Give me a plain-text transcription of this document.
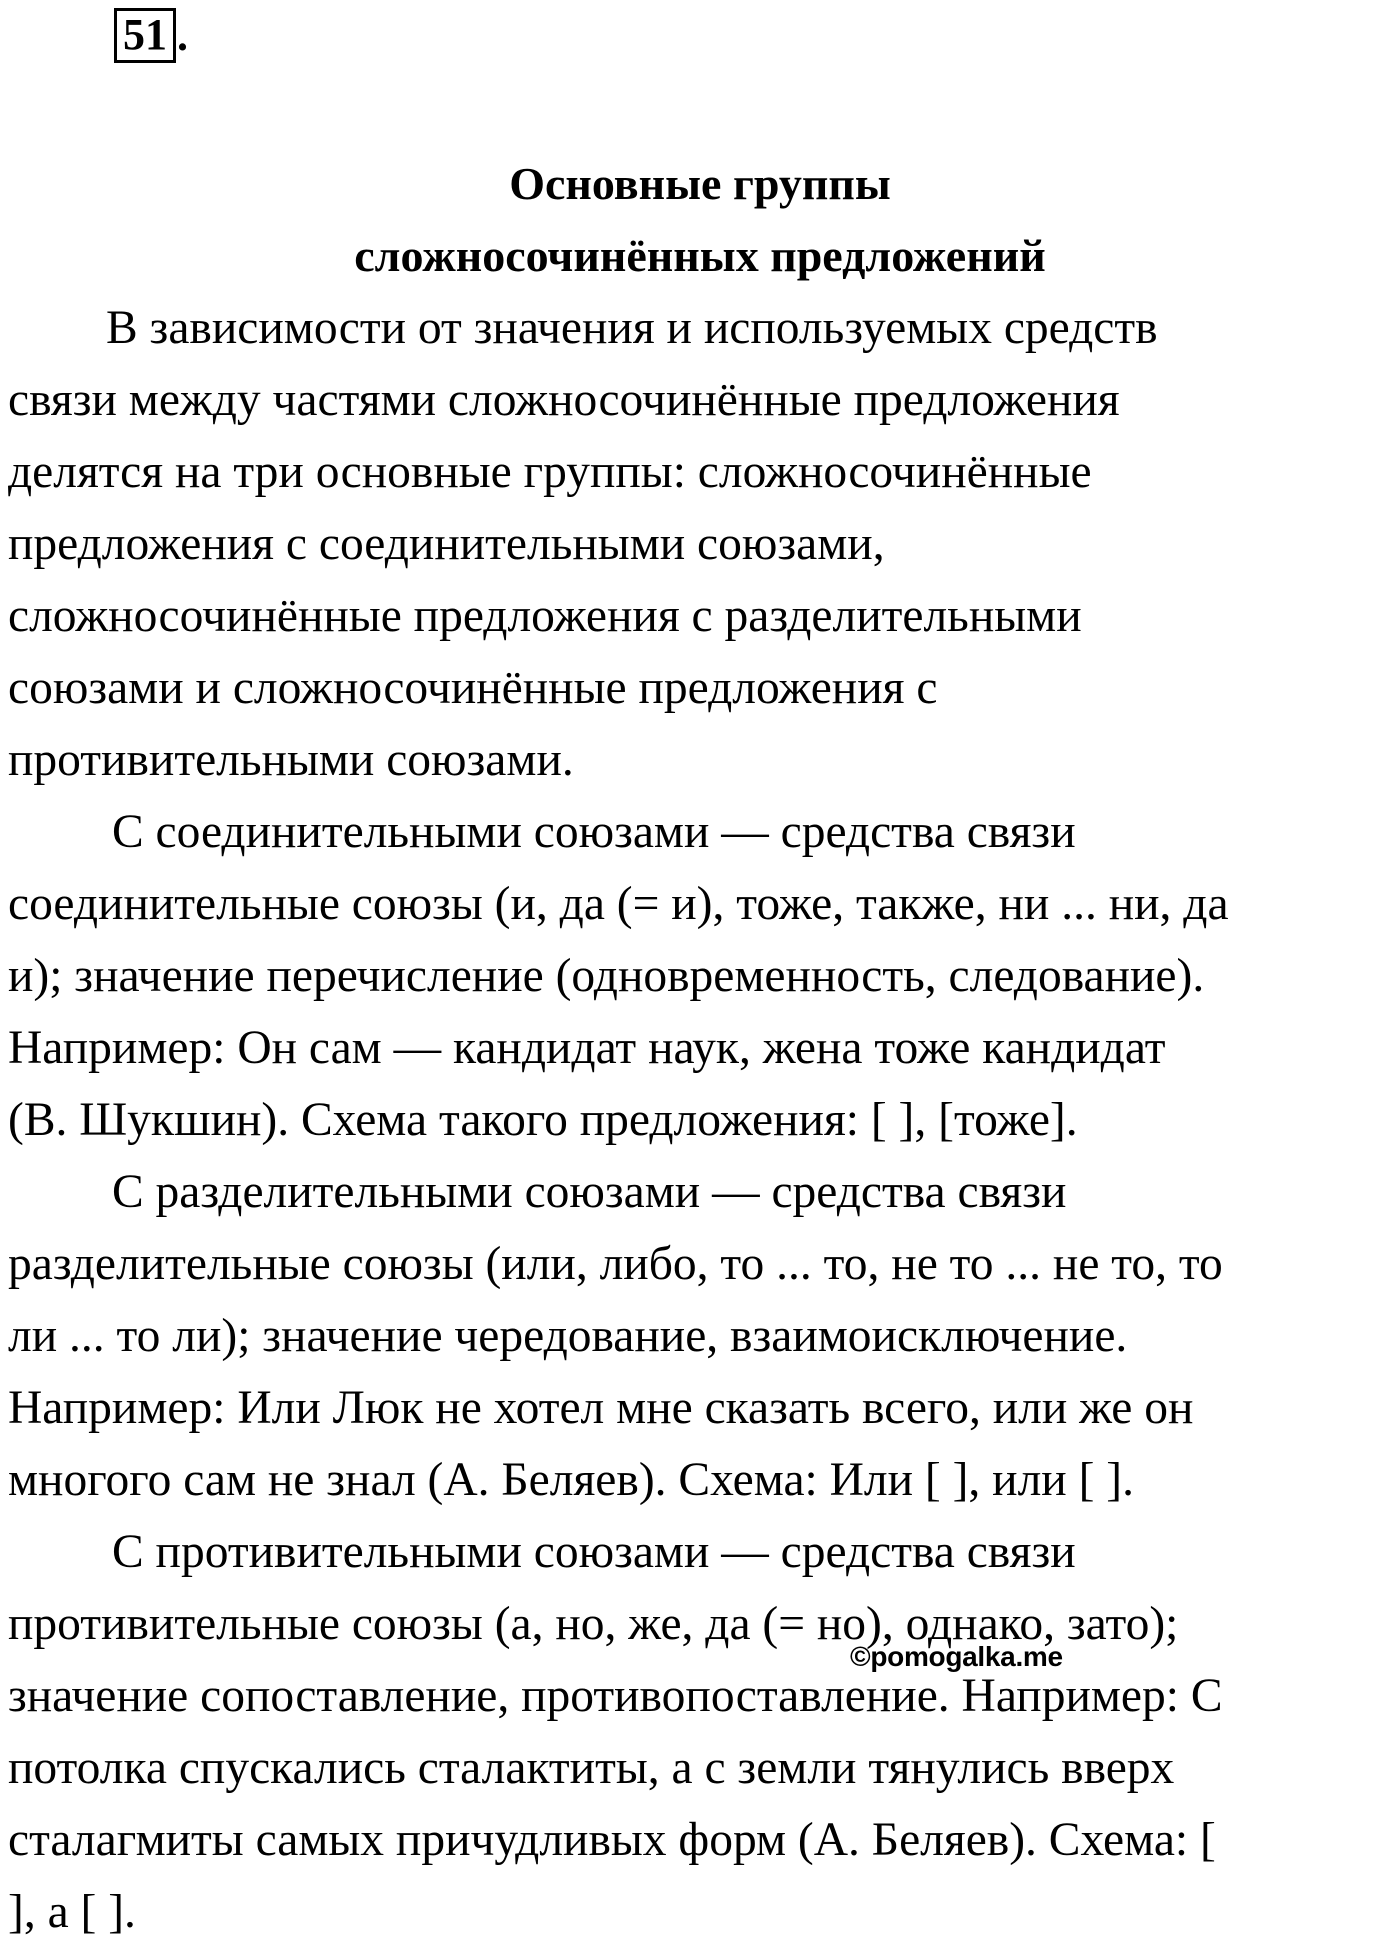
51 .
Основные группы
сложносочинённых предложений
В зависимости от значения и используемых средств
связи между частями сложносочинённые предложения
делятся на три основные группы: сложносочинённые
предложения с соединительными союзами,
сложносочинённые предложения с разделительными
союзами и сложносочинённые предложения с
противительными союзами.
С соединительными союзами — средства связи
соединительные союзы (и, да (= и), тоже, также, ни ... ни, да
и); значение перечисление (одновременность, следование).
Например: Он сам — кандидат наук, жена тоже кандидат
(В. Шукшин). Схема такого предложения: [ ], [тоже].
С разделительными союзами — средства связи
разделительные союзы (или, либо, то ... то, не то ... не то, то
ли ... то ли); значение чередование, взаимоисключение.
Например: Или Люк не хотел мне сказать всего, или же он
многого сам не знал (А. Беляев). Схема: Или [ ], или [ ].
С противительными союзами — средства связи
противительные союзы (а, но, же, да (= но), однако, зато);
значение сопоставление, противопоставление. Например: С
потолка спускались сталактиты, а с земли тянулись вверх
сталагмиты самых причудливых форм (А. Беляев). Схема: [
], а [ ].
©pomogalka.me
